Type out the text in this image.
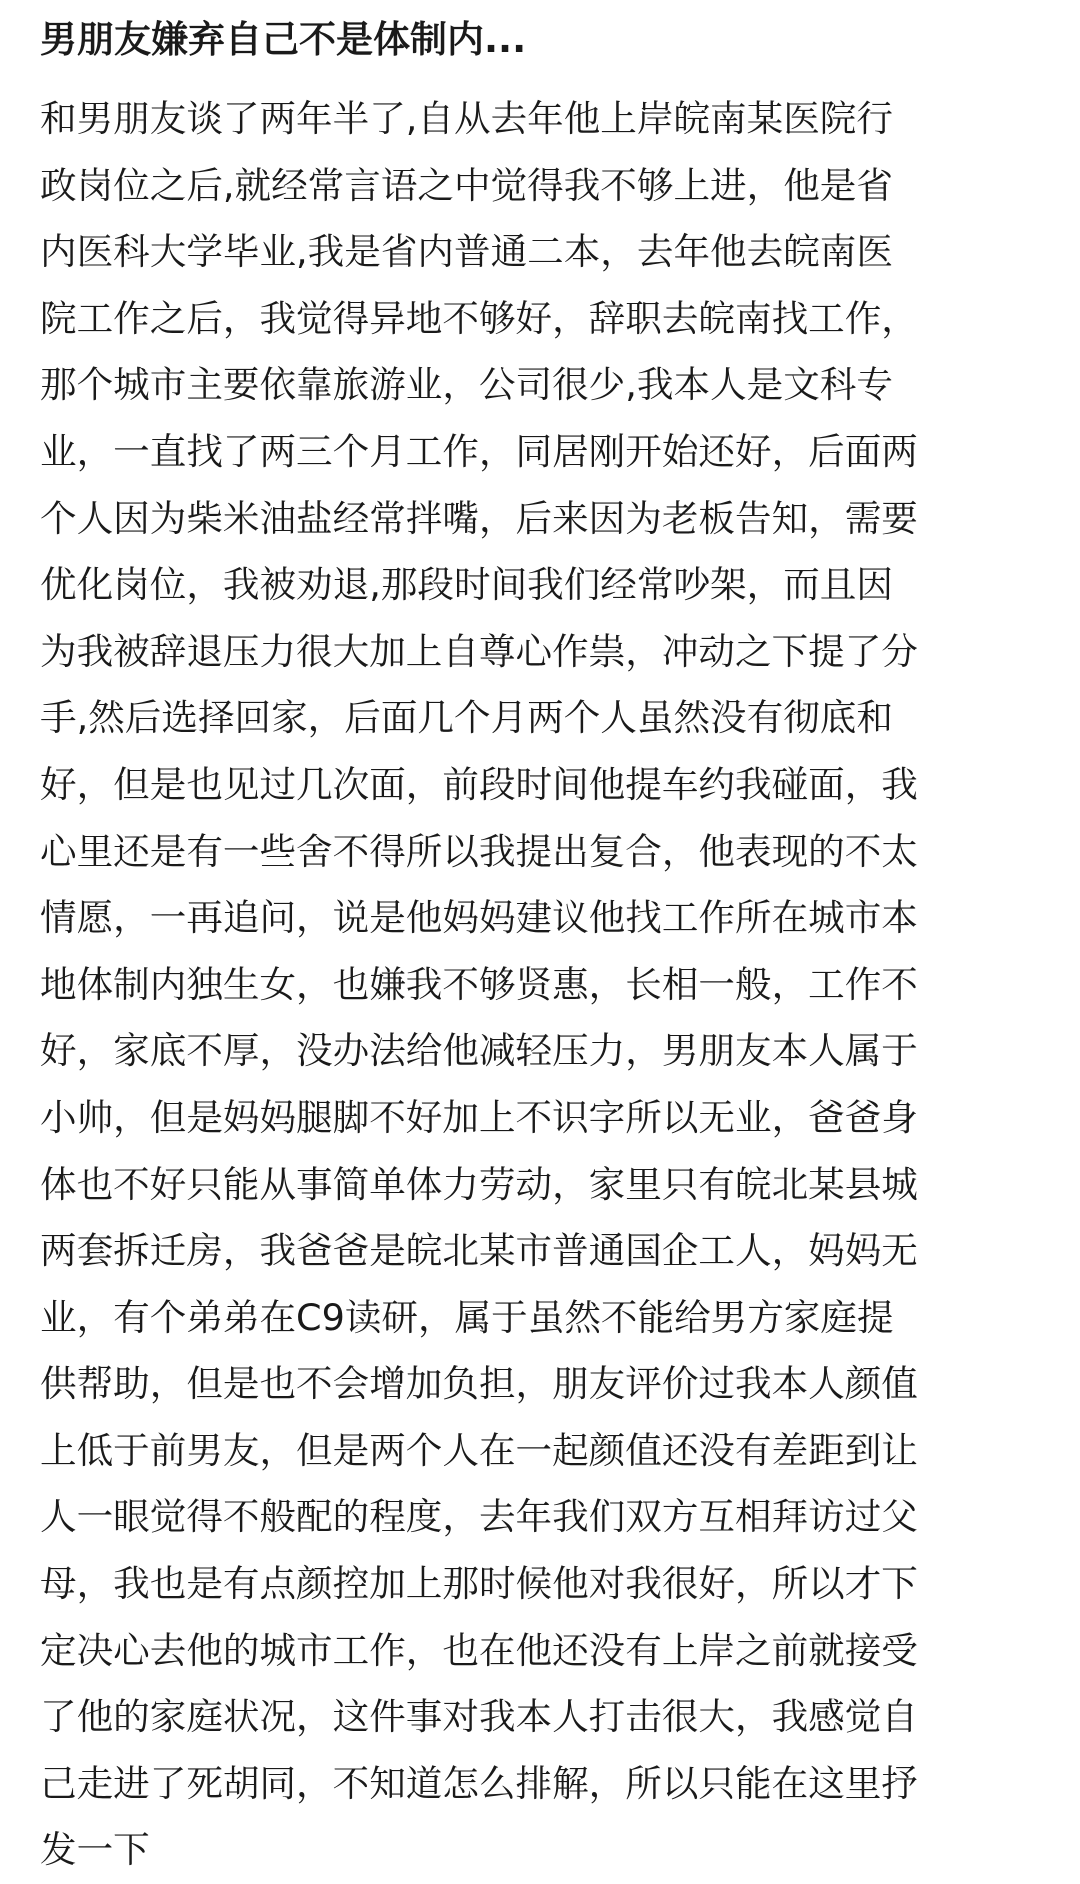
男朋友嫌弃自己不是体制内...
和男朋友谈了两年半了,自从去年他上岸皖南某医院行
政岗位之后,就经常言语之中觉得我不够上进，他是省
内医科大学毕业,我是省内普通二本，去年他去皖南医
院工作之后，我觉得异地不够好，辞职去皖南找工作，
那个城市主要依靠旅游业，公司很少,我本人是文科专
业，一直找了两三个月工作，同居刚开始还好，后面两
个人因为柴米油盐经常拌嘴，后来因为老板告知，需要
优化岗位，我被劝退,那段时间我们经常吵架，而且因
为我被辞退压力很大加上自尊心作祟，冲动之下提了分
手,然后选择回家，后面几个月两个人虽然没有彻底和
好，但是也见过几次面，前段时间他提车约我碰面，我
心里还是有一些舍不得所以我提出复合，他表现的不太
情愿，一再追问，说是他妈妈建议他找工作所在城市本
地体制内独生女，也嫌我不够贤惠，长相一般，工作不
好，家底不厚，没办法给他减轻压力，男朋友本人属于
小帅，但是妈妈腿脚不好加上不识字所以无业，爸爸身
体也不好只能从事简单体力劳动，家里只有皖北某县城
两套拆迁房，我爸爸是皖北某市普通国企工人，妈妈无
业，有个弟弟在C9读研，属于虽然不能给男方家庭提
供帮助，但是也不会增加负担，朋友评价过我本人颜值
上低于前男友，但是两个人在一起颜值还没有差距到让
人一眼觉得不般配的程度，去年我们双方互相拜访过父
母，我也是有点颜控加上那时候他对我很好，所以才下
定决心去他的城市工作，也在他还没有上岸之前就接受
了他的家庭状况，这件事对我本人打击很大，我感觉自
己走进了死胡同，不知道怎么排解，所以只能在这里抒
发一下
